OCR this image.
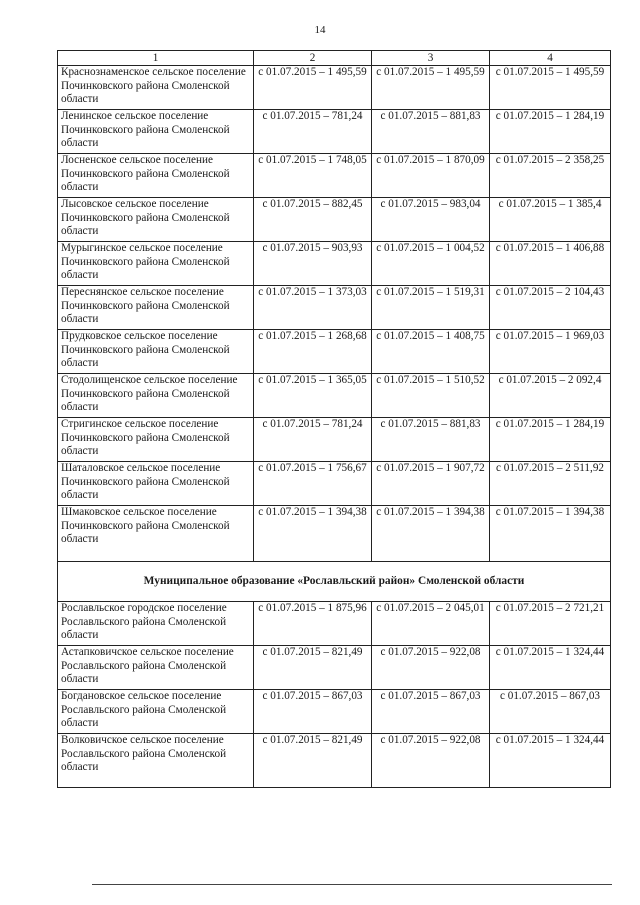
14
1	2	3	4
Краснознаменское сельское поселение Починковского района Смоленской области	с 01.07.2015 – 1 495,59	с 01.07.2015 – 1 495,59	с 01.07.2015 – 1 495,59
Ленинское сельское поселение Починковского района Смоленской области	с 01.07.2015 – 781,24	с 01.07.2015 – 881,83	с 01.07.2015 – 1 284,19
Лосненское сельское поселение Починковского района Смоленской области	с 01.07.2015 – 1 748,05	с 01.07.2015 – 1 870,09	с 01.07.2015 – 2 358,25
Лысовское сельское поселение Починковского района Смоленской области	с 01.07.2015 – 882,45	с 01.07.2015 – 983,04	с 01.07.2015 – 1 385,4
Мурыгинское сельское поселение Починковского района Смоленской области	с 01.07.2015 – 903,93	с 01.07.2015 – 1 004,52	с 01.07.2015 – 1 406,88
Переснянское сельское поселение Починковского района Смоленской области	с 01.07.2015 – 1 373,03	с 01.07.2015 – 1 519,31	с 01.07.2015 – 2 104,43
Прудковское сельское поселение Починковского района Смоленской области	с 01.07.2015 – 1 268,68	с 01.07.2015 – 1 408,75	с 01.07.2015 – 1 969,03
Стодолищенское сельское поселение Починковского района Смоленской области	с 01.07.2015 – 1 365,05	с 01.07.2015 – 1 510,52	с 01.07.2015 – 2 092,4
Стригинское сельское поселение Починковского района Смоленской области	с 01.07.2015 – 781,24	с 01.07.2015 – 881,83	с 01.07.2015 – 1 284,19
Шаталовское сельское поселение Починковского района Смоленской области	с 01.07.2015 – 1 756,67	с 01.07.2015 – 1 907,72	с 01.07.2015 – 2 511,92
Шмаковское сельское поселение Починковского района Смоленской области	с 01.07.2015 – 1 394,38	с 01.07.2015 – 1 394,38	с 01.07.2015 – 1 394,38
Муниципальное образование «Рославльский район» Смоленской области			
Рославльское городское поселение Рославльского района Смоленской области	с 01.07.2015 – 1 875,96	с 01.07.2015 – 2 045,01	с 01.07.2015 – 2 721,21
Астапковичское сельское поселение Рославльского района Смоленской области	с 01.07.2015 – 821,49	с 01.07.2015 – 922,08	с 01.07.2015 – 1 324,44
Богдановское сельское поселение Рославльского района Смоленской области	с 01.07.2015 – 867,03	с 01.07.2015 – 867,03	с 01.07.2015 – 867,03
Волковичское сельское поселение Рославльского района Смоленской области	с 01.07.2015 – 821,49	с 01.07.2015 – 922,08	с 01.07.2015 – 1 324,44
